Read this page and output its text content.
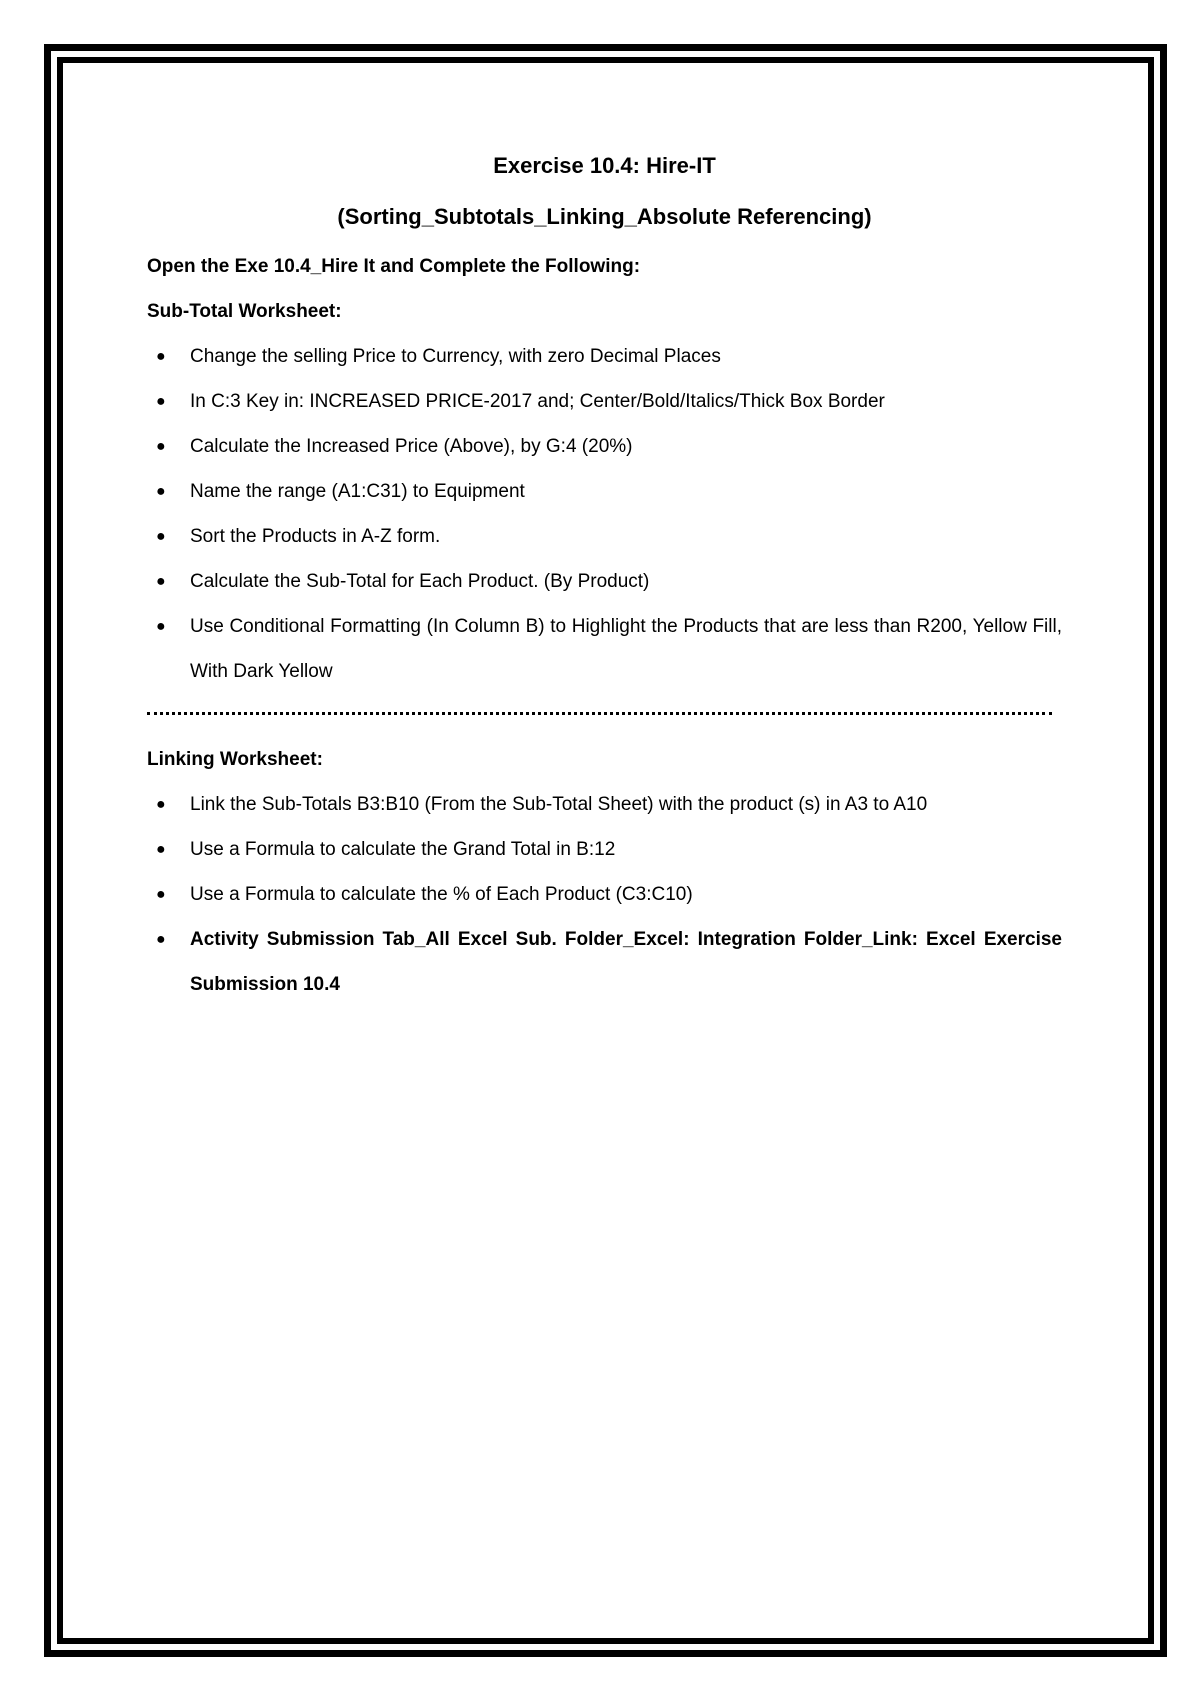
Exercise 10.4: Hire-IT

(Sorting_Subtotals_Linking_Absolute Referencing)

Open the Exe 10.4_Hire It and Complete the Following:

Sub-Total Worksheet:

● Change the selling Price to Currency, with zero Decimal Places
● In C:3 Key in: INCREASED PRICE-2017 and; Center/Bold/Italics/Thick Box Border
● Calculate the Increased Price (Above), by G:4 (20%)
● Name the range (A1:C31) to Equipment
● Sort the Products in A-Z form.
● Calculate the Sub-Total for Each Product. (By Product)
● Use Conditional Formatting (In Column B) to Highlight the Products that are less than R200, Yellow Fill, With Dark Yellow

Linking Worksheet:

● Link the Sub-Totals B3:B10 (From the Sub-Total Sheet) with the product (s) in A3 to A10
● Use a Formula to calculate the Grand Total in B:12
● Use a Formula to calculate the % of Each Product (C3:C10)
● Activity Submission Tab_All Excel Sub. Folder_Excel: Integration Folder_Link: Excel Exercise Submission 10.4
